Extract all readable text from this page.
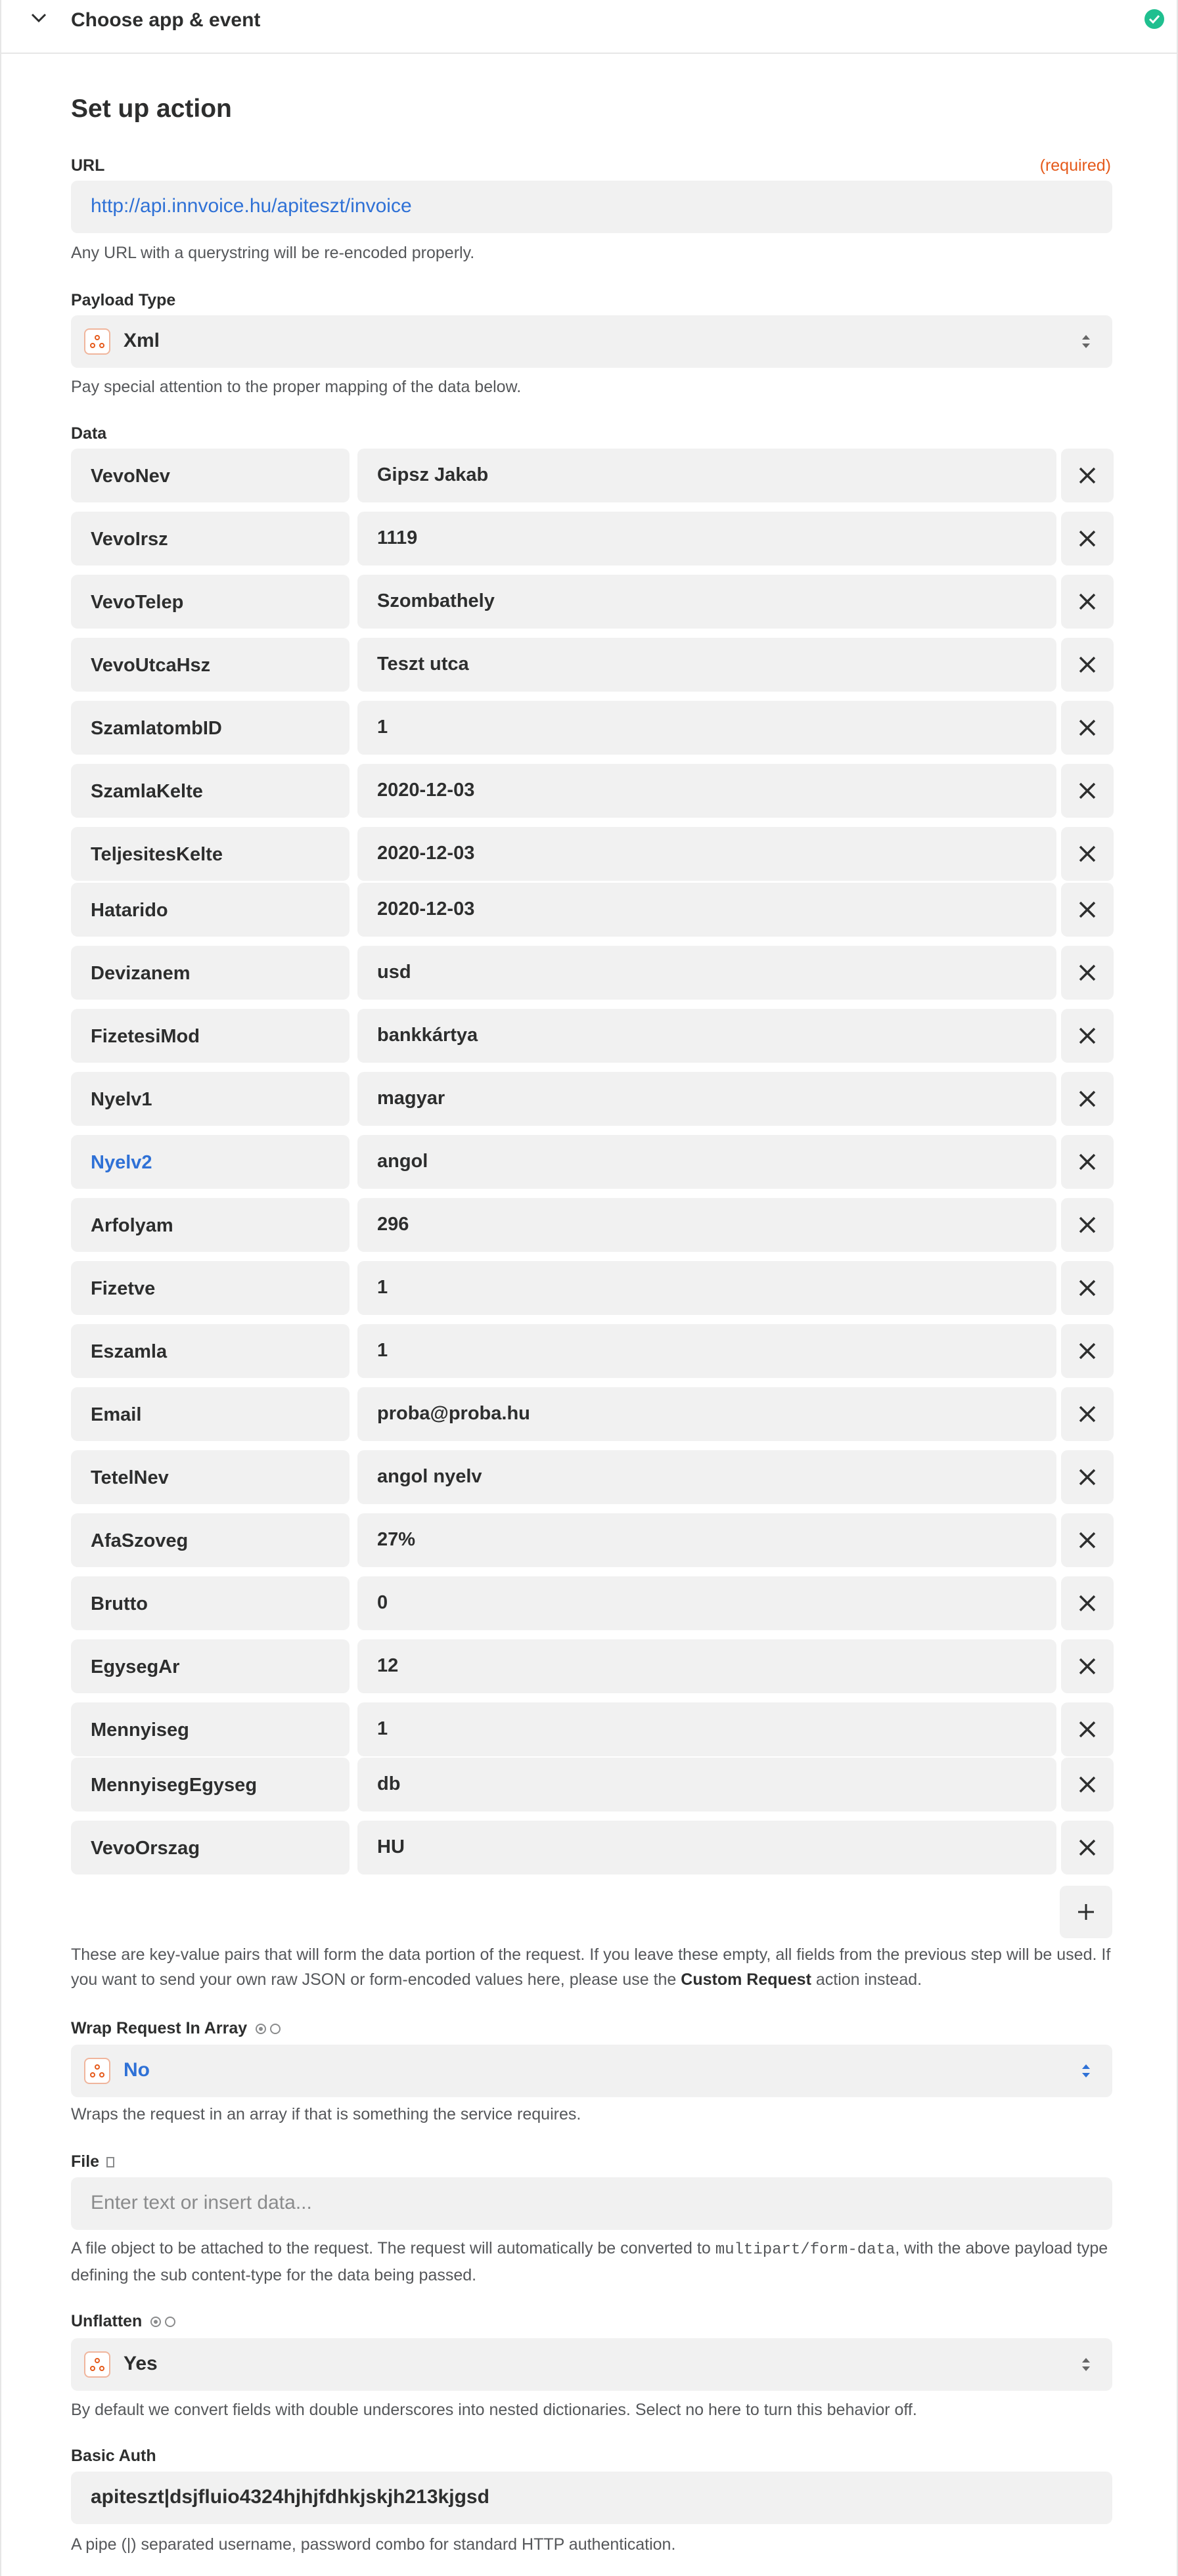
Choose app & event
Set up action
URL	(required)
http://api.innvoice.hu/apiteszt/invoice
Any URL with a querystring will be re-encoded properly.
Payload Type
Xml
Pay special attention to the proper mapping of the data below.
Data
VevoNev	Gipsz Jakab
VevoIrsz	1119
VevoTelep	Szombathely
VevoUtcaHsz	Teszt utca
SzamlatombID	1
SzamlaKelte	2020-12-03
TeljesitesKelte	2020-12-03
Hatarido	2020-12-03
Devizanem	usd
FizetesiMod	bankkártya
Nyelv1	magyar
Nyelv2	angol
Arfolyam	296
Fizetve	1
Eszamla	1
Email	proba@proba.hu
TetelNev	angol nyelv
AfaSzoveg	27%
Brutto	0
EgysegAr	12
Mennyiseg	1
MennyisegEgyseg	db
VevoOrszag	HU
These are key-value pairs that will form the data portion of the request. If you leave these empty, all fields from the previous step will be used. If you want to send your own raw JSON or form-encoded values here, please use the Custom Request action instead.
Wrap Request In Array
No
Wraps the request in an array if that is something the service requires.
File
Enter text or insert data...
A file object to be attached to the request. The request will automatically be converted to multipart/form-data, with the above payload type defining the sub content-type for the data being passed.
Unflatten
Yes
By default we convert fields with double underscores into nested dictionaries. Select no here to turn this behavior off.
Basic Auth
apiteszt|dsjfluio4324hjhjfdhkjskjh213kjgsd
A pipe (|) separated username, password combo for standard HTTP authentication.
